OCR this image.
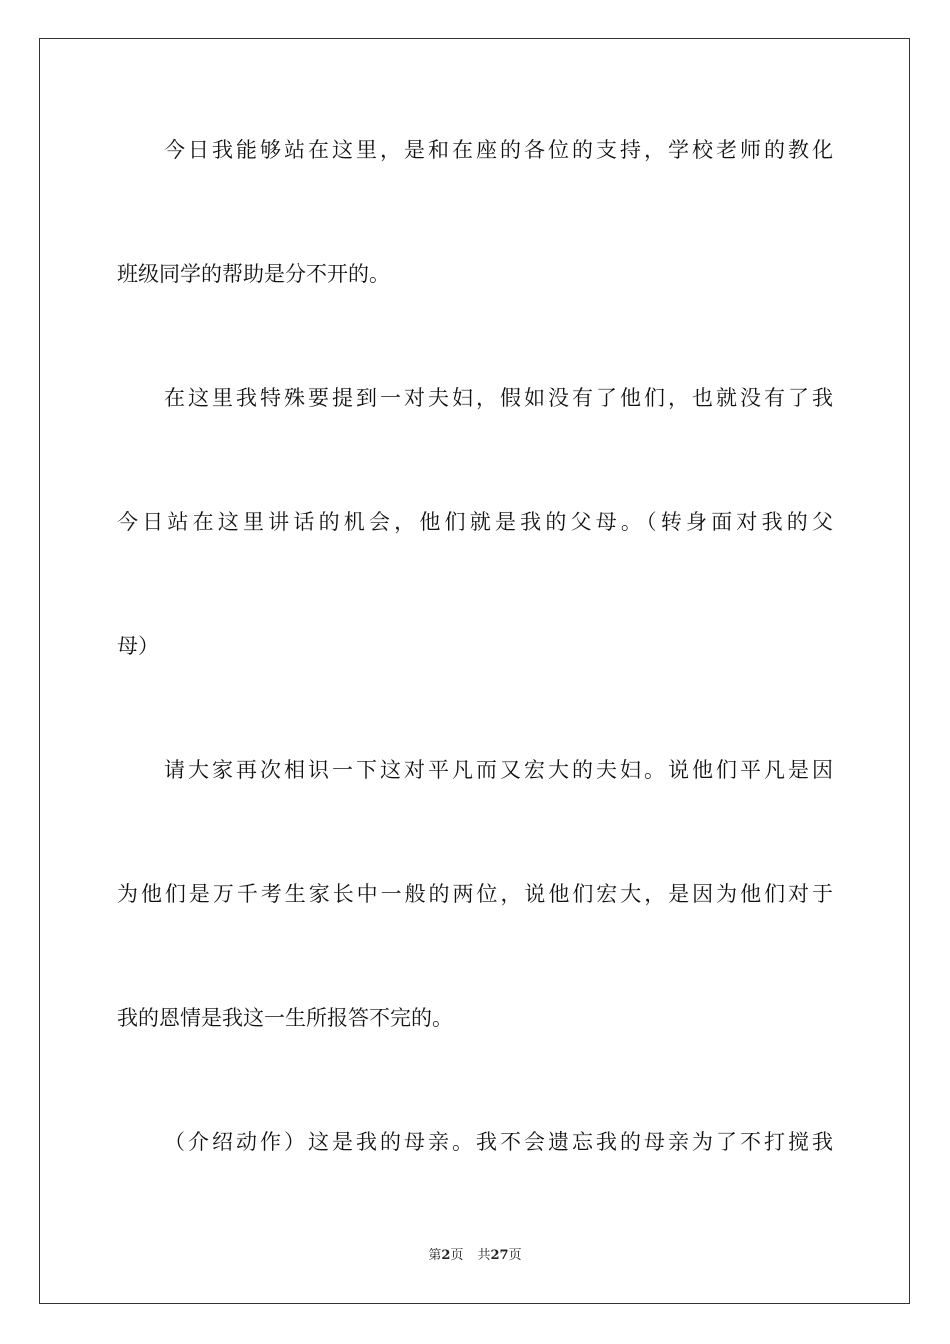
今日我能够站在这里，是和在座的各位的支持，学校老师的教化
班级同学的帮助是分不开的。
在这里我特殊要提到一对夫妇，假如没有了他们，也就没有了我
今日站在这里讲话的机会，他们就是我的父母。（转身面对我的父
母）
请大家再次相识一下这对平凡而又宏大的夫妇。说他们平凡是因
为他们是万千考生家长中一般的两位，说他们宏大，是因为他们对于
我的恩情是我这一生所报答不完的。
（介绍动作）这是我的母亲。我不会遗忘我的母亲为了不打搅我
第2页 共27页
